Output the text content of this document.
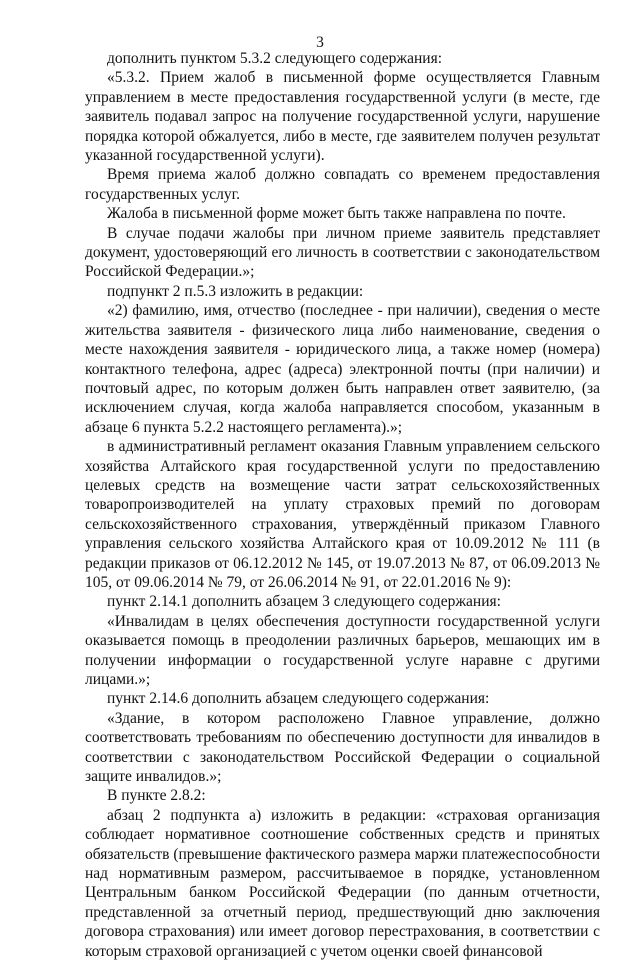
3

дополнить пунктом 5.3.2 следующего содержания:

«5.3.2. Прием жалоб в письменной форме осуществляется Главным управлением в месте предоставления государственной услуги (в месте, где заявитель подавал запрос на получение государственной услуги, нарушение порядка которой обжалуется, либо в месте, где заявителем получен результат указанной государственной услуги).

Время приема жалоб должно совпадать со временем предоставления государственных услуг.

Жалоба в письменной форме может быть также направлена по почте.

В случае подачи жалобы при личном приеме заявитель представляет документ, удостоверяющий его личность в соответствии с законодательством Российской Федерации.»;

подпункт 2 п.5.3 изложить в редакции:

«2) фамилию, имя, отчество (последнее - при наличии), сведения о месте жительства заявителя - физического лица либо наименование, сведения о месте нахождения заявителя - юридического лица, а также номер (номера) контактного телефона, адрес (адреса) электронной почты (при наличии) и почтовый адрес, по которым должен быть направлен ответ заявителю, (за исключением случая, когда жалоба направляется способом, указанным в абзаце 6 пункта 5.2.2 настоящего регламента).»;

в административный регламент оказания Главным управлением сельского хозяйства Алтайского края государственной услуги по предоставлению целевых средств на возмещение части затрат сельскохозяйственных товаропроизводителей на уплату страховых премий по договорам сельскохозяйственного страхования, утверждённый приказом Главного управления сельского хозяйства Алтайского края от 10.09.2012 № 111 (в редакции приказов от 06.12.2012 № 145, от 19.07.2013 № 87, от 06.09.2013 № 105, от 09.06.2014 № 79, от 26.06.2014 № 91, от 22.01.2016 № 9):

пункт 2.14.1 дополнить абзацем 3 следующего содержания:

«Инвалидам в целях обеспечения доступности государственной услуги оказывается помощь в преодолении различных барьеров, мешающих им в получении информации о государственной услуге наравне с другими лицами.»;

пункт 2.14.6 дополнить абзацем следующего содержания:

«Здание, в котором расположено Главное управление, должно соответствовать требованиям по обеспечению доступности для инвалидов в соответствии с законодательством Российской Федерации о социальной защите инвалидов.»;

В пункте 2.8.2:

абзац 2 подпункта а) изложить в редакции: «страховая организация соблюдает нормативное соотношение собственных средств и принятых обязательств (превышение фактического размера маржи платежеспособности над нормативным размером, рассчитываемое в порядке, установленном Центральным банком Российской Федерации (по данным отчетности, представленной за отчетный период, предшествующий дню заключения договора страхования) или имеет договор перестрахования, в соответствии с которым страховой организацией с учетом оценки своей финансовой
